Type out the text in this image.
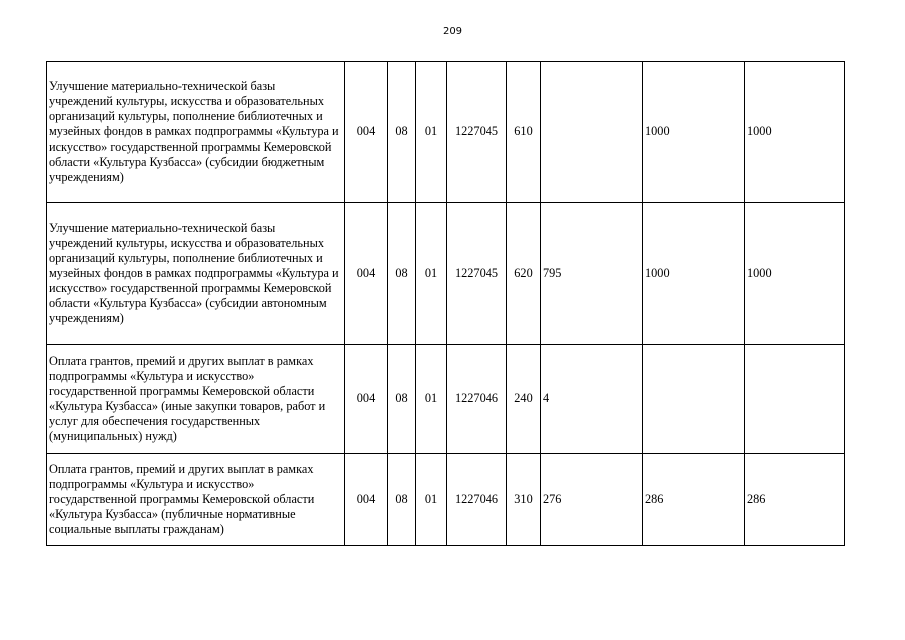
209
Улучшение материально-технической базы учреждений культуры, искусства и образовательных организаций культуры, пополнение библиотечных и музейных фондов в рамках подпрограммы «Культура и искусство» государственной программы Кемеровской области «Культура Кузбасса» (субсидии бюджетным учреждениям)	004	08	01	1227045	610		1000	1000
Улучшение материально-технической базы учреждений культуры, искусства и образовательных организаций культуры, пополнение библиотечных и музейных фондов в рамках подпрограммы «Культура и искусство» государственной программы Кемеровской области «Культура Кузбасса» (субсидии автономным учреждениям)	004	08	01	1227045	620	795	1000	1000
Оплата грантов, премий и других выплат в рамках подпрограммы «Культура и искусство» государственной программы Кемеровской области «Культура Кузбасса» (иные закупки товаров, работ и услуг для обеспечения государственных (муниципальных) нужд)	004	08	01	1227046	240	4		
Оплата грантов, премий и других выплат в рамках подпрограммы «Культура и искусство» государственной программы Кемеровской области «Культура Кузбасса» (публичные нормативные социальные выплаты гражданам)	004	08	01	1227046	310	276	286	286
